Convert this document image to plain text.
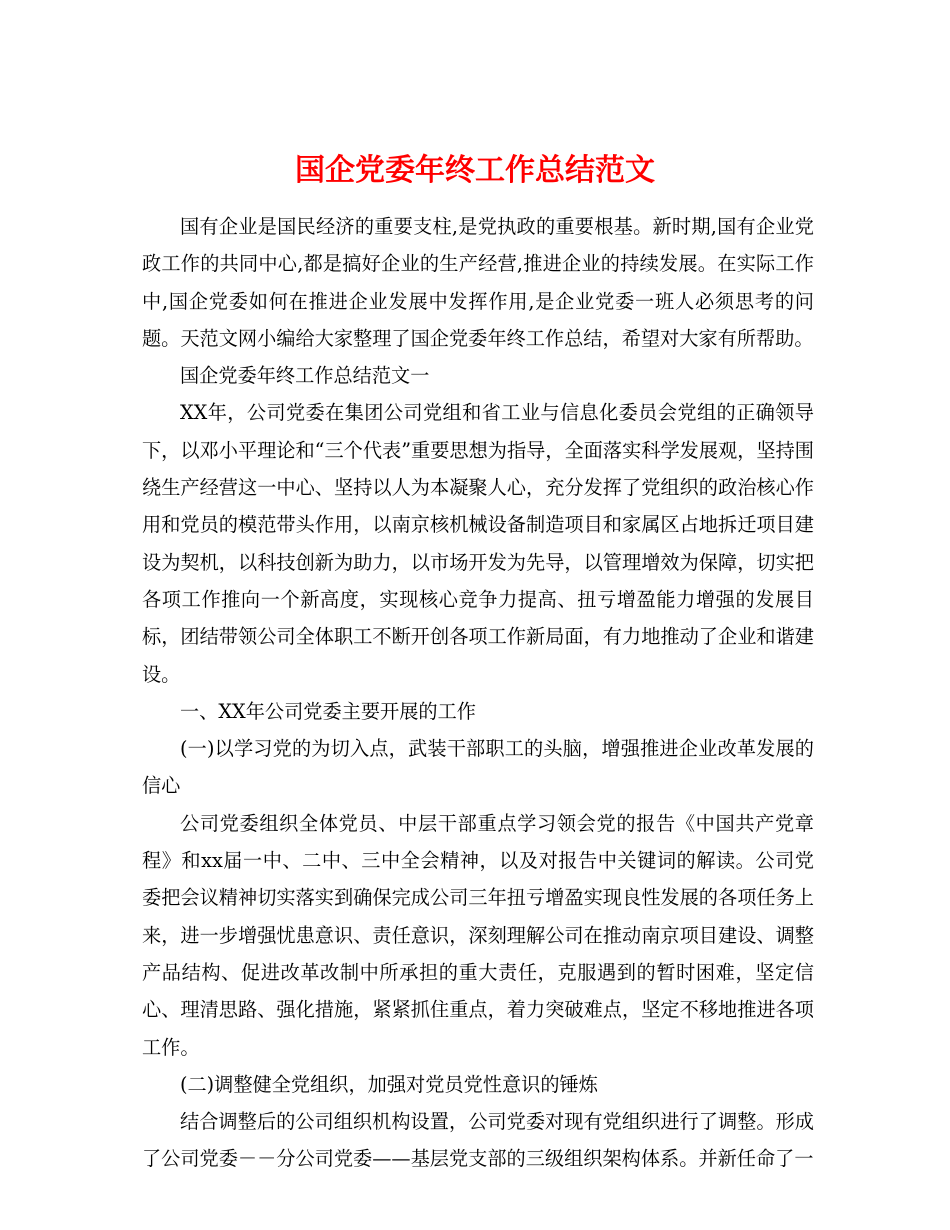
国企党委年终工作总结范文

国有企业是国民经济的重要支柱,是党执政的重要根基。新时期,国有企业党政工作的共同中心,都是搞好企业的生产经营,推进企业的持续发展。在实际工作中,国企党委如何在推进企业发展中发挥作用,是企业党委一班人必须思考的问题。天范文网小编给大家整理了国企党委年终工作总结，希望对大家有所帮助。

国企党委年终工作总结范文一

XX年，公司党委在集团公司党组和省工业与信息化委员会党组的正确领导下，以邓小平理论和“三个代表”重要思想为指导，全面落实科学发展观，坚持围绕生产经营这一中心、坚持以人为本凝聚人心，充分发挥了党组织的政治核心作用和党员的模范带头作用，以南京核机械设备制造项目和家属区占地拆迁项目建设为契机，以科技创新为助力，以市场开发为先导，以管理增效为保障，切实把各项工作推向一个新高度，实现核心竞争力提高、扭亏增盈能力增强的发展目标，团结带领公司全体职工不断开创各项工作新局面，有力地推动了企业和谐建设。

一、XX年公司党委主要开展的工作

(一)以学习党的为切入点，武装干部职工的头脑，增强推进企业改革发展的信心

公司党委组织全体党员、中层干部重点学习领会党的报告《中国共产党章程》和xx届一中、二中、三中全会精神，以及对报告中关键词的解读。公司党委把会议精神切实落实到确保完成公司三年扭亏增盈实现良性发展的各项任务上来，进一步增强忧患意识、责任意识，深刻理解公司在推动南京项目建设、调整产品结构、促进改革改制中所承担的重大责任，克服遇到的暂时困难，坚定信心、理清思路、强化措施，紧紧抓住重点，着力突破难点，坚定不移地推进各项工作。

(二)调整健全党组织，加强对党员党性意识的锤炼

结合调整后的公司组织机构设置，公司党委对现有党组织进行了调整。形成了公司党委－－分公司党委——基层党支部的三级组织架构体系。并新任命了一
